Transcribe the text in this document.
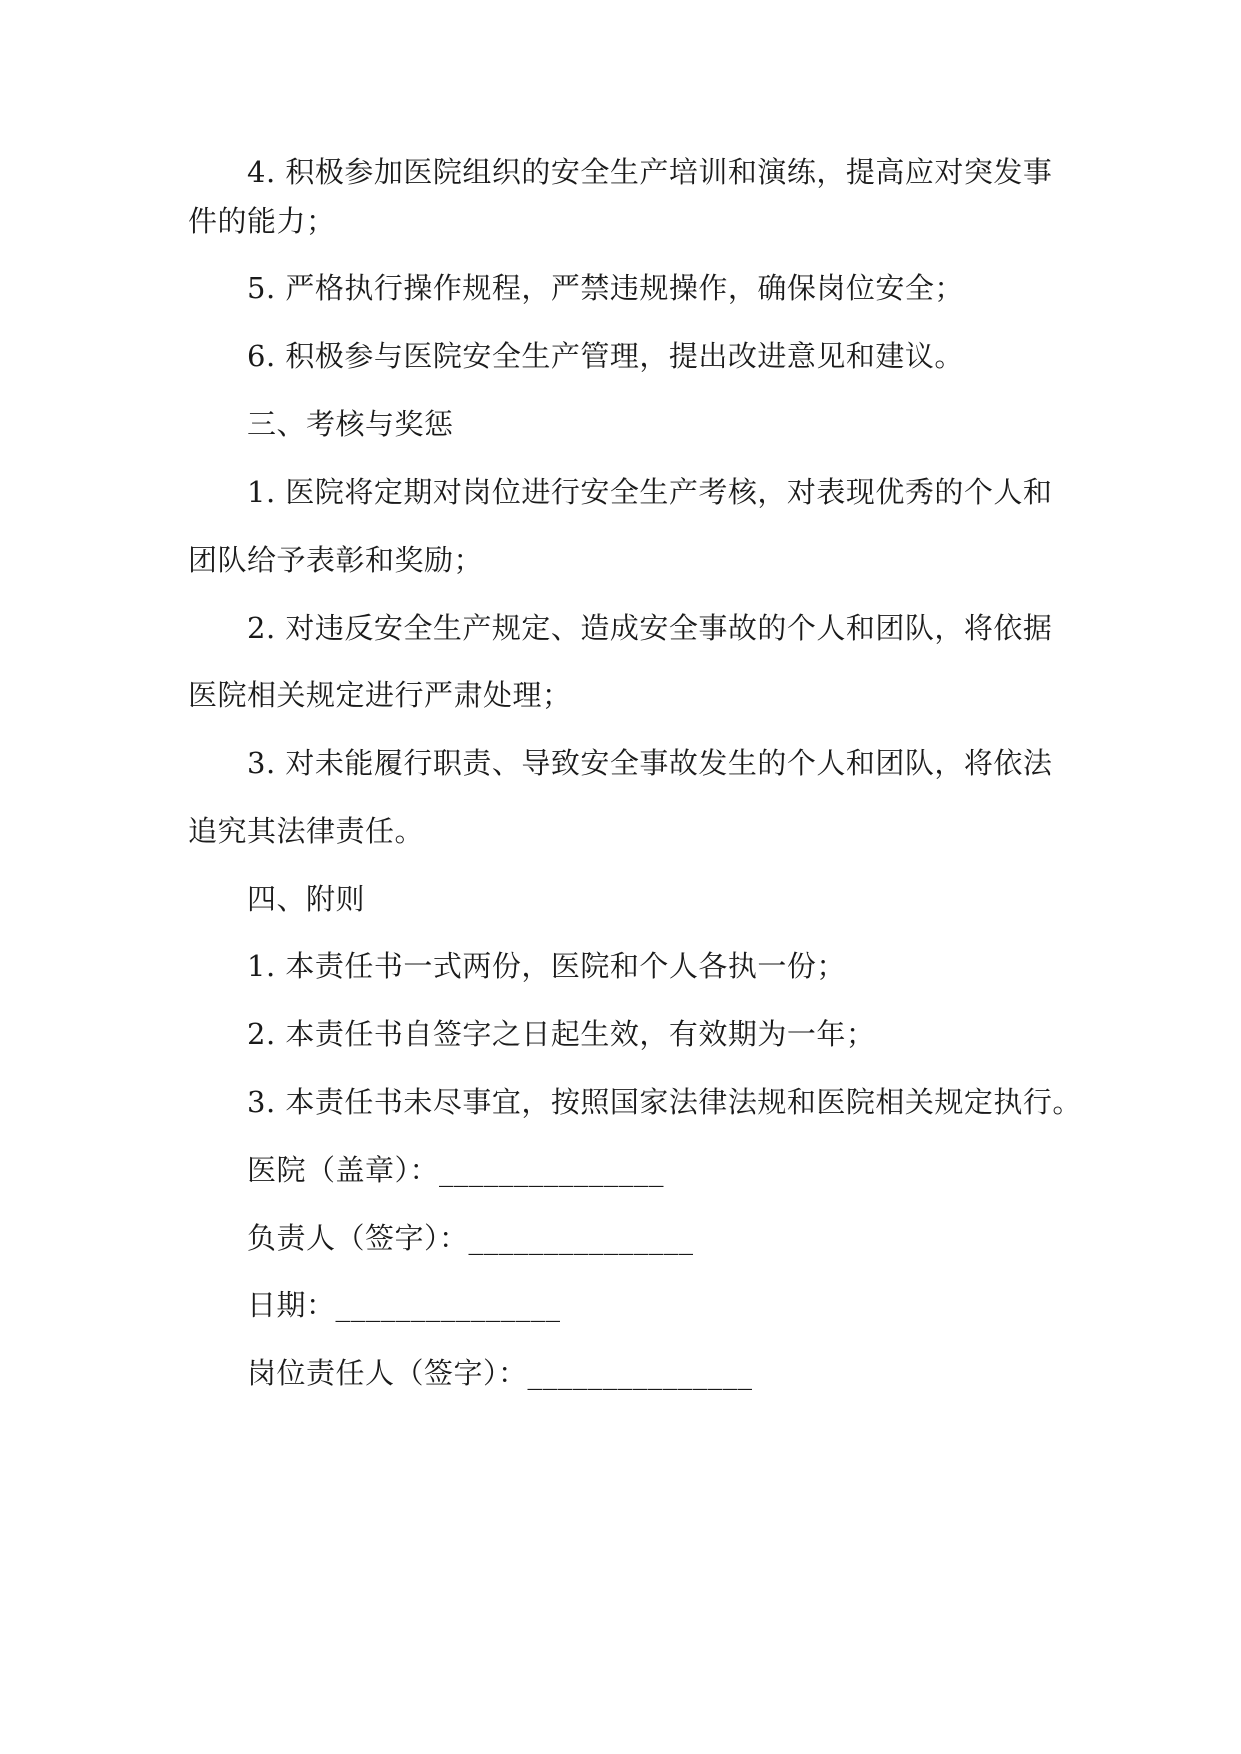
4. 积极参加医院组织的安全生产培训和演练，提高应对突发事
件的能力；
5. 严格执行操作规程，严禁违规操作，确保岗位安全；
6. 积极参与医院安全生产管理，提出改进意见和建议。
三、考核与奖惩
1. 医院将定期对岗位进行安全生产考核，对表现优秀的个人和
团队给予表彰和奖励；
2. 对违反安全生产规定、造成安全事故的个人和团队，将依据
医院相关规定进行严肃处理；
3. 对未能履行职责、导致安全事故发生的个人和团队，将依法
追究其法律责任。
四、附则
1. 本责任书一式两份，医院和个人各执一份；
2. 本责任书自签字之日起生效，有效期为一年；
3. 本责任书未尽事宜，按照国家法律法规和医院相关规定执行。
医院（盖章）：_______________
负责人（签字）：_______________
日期：_______________
岗位责任人（签字）：_______________
